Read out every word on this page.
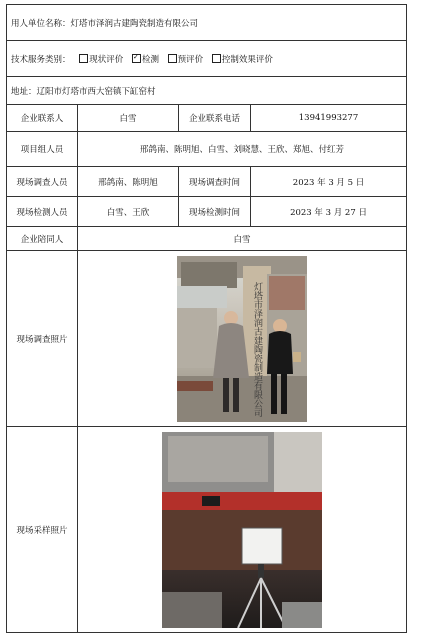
用人单位名称：灯塔市泽润古建陶瓷制造有限公司			
技术服务类别： 现状评价 ✓ 检测 预评价 控制效果评价
地址：辽阳市灯塔市西大窑镇下缸窑村			
企业联系人	白雪	企业联系电话	13941993277
项目组人员	邢鸽南、陈明旭、白雪、刘晓慧、王欣、郑旭、付红芳		
现场调查人员	邢鸽南、陈明旭	现场调查时间	2023 年 3 月 5 日
现场检测人员	白雪、王欣	现场检测时间	2023 年 3 月 27 日
企业陪同人	白雪		
现场调查照片	灯塔市泽润古建陶瓷制造有限公司		

现场采样照片	
